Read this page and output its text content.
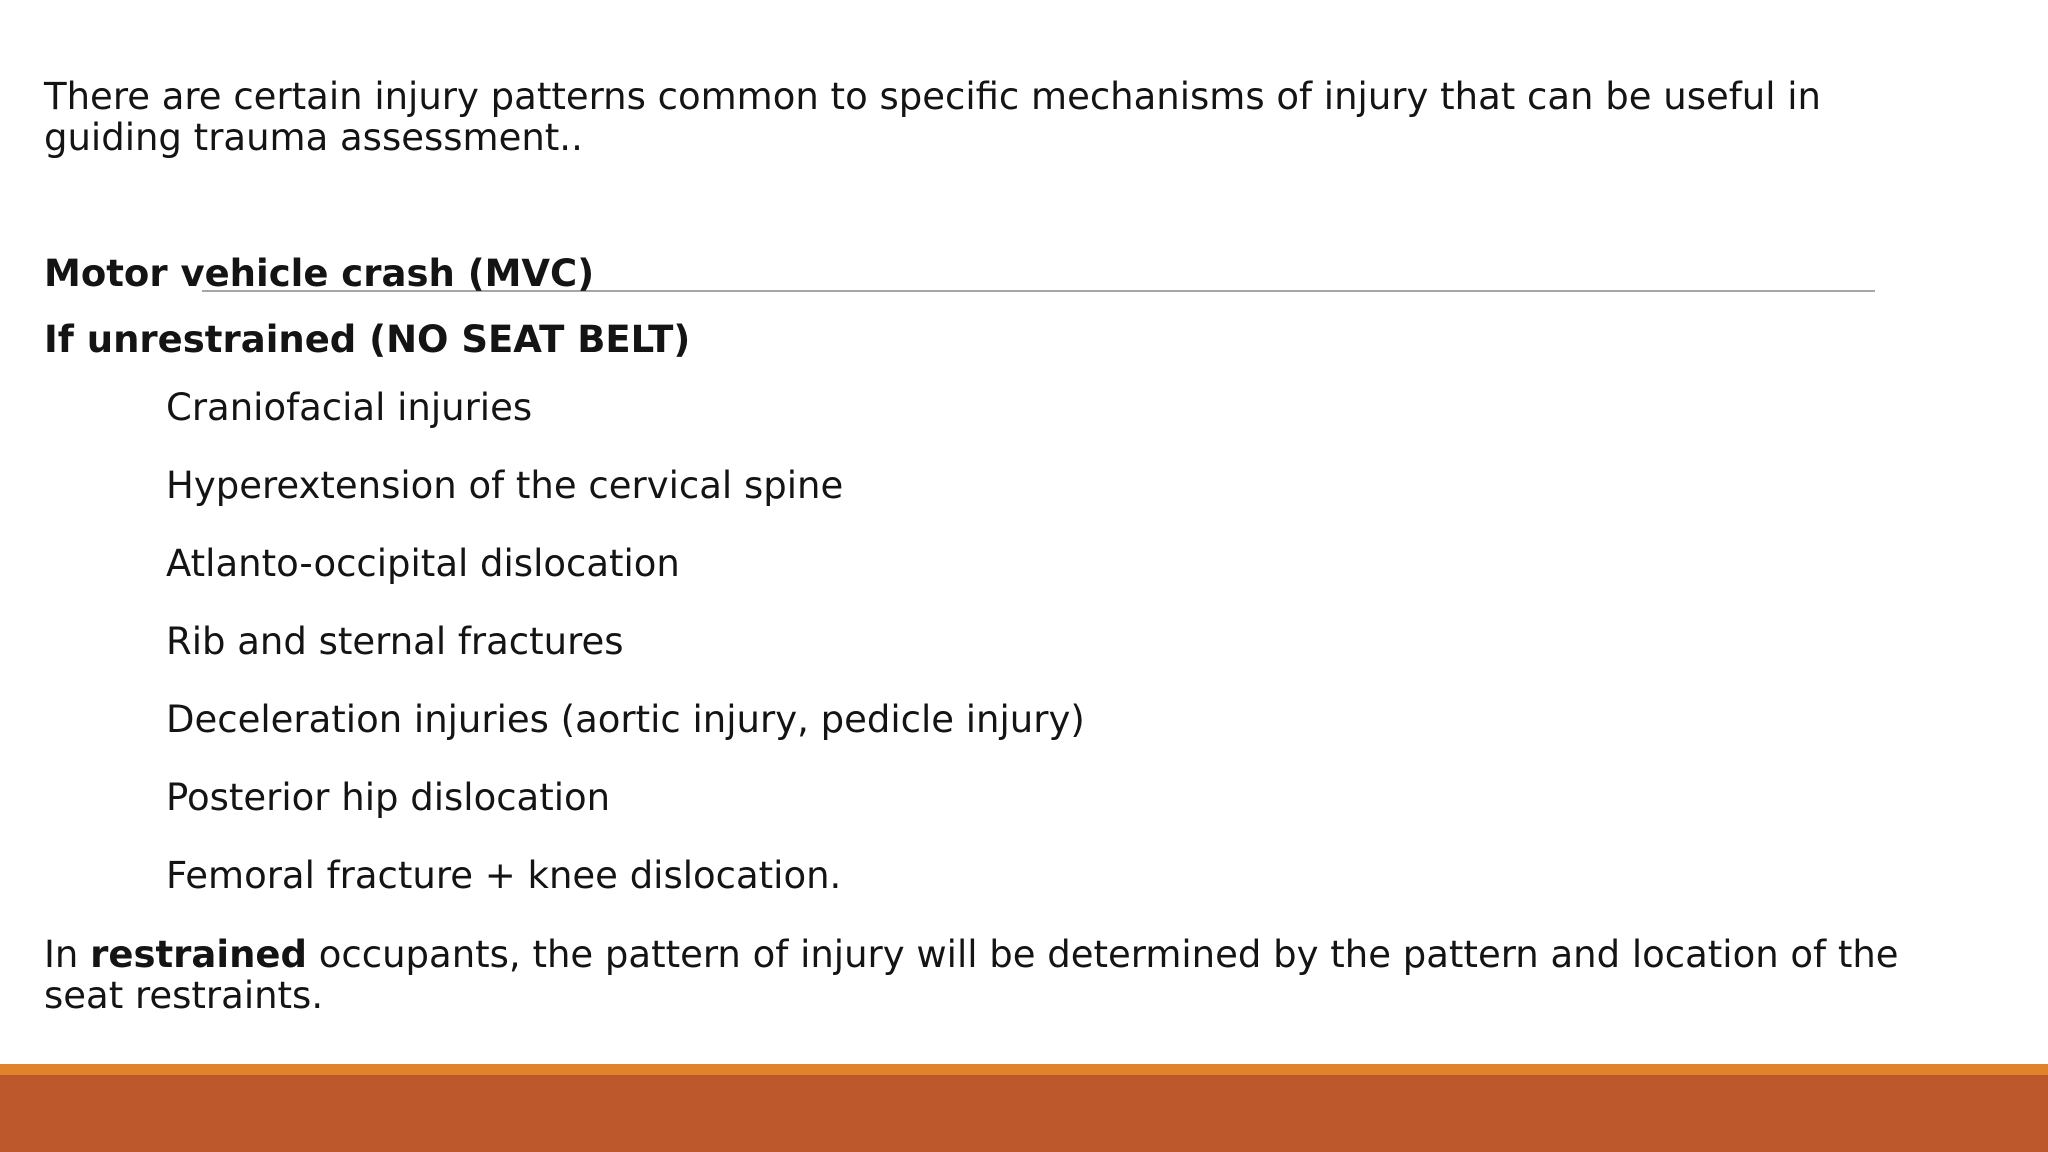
There are certain injury patterns common to specific mechanisms of injury that can be useful in guiding trauma assessment..

Motor vehicle crash (MVC)

If unrestrained (NO SEAT BELT)

Craniofacial injuries
Hyperextension of the cervical spine
Atlanto-occipital dislocation
Rib and sternal fractures
Deceleration injuries (aortic injury, pedicle injury)
Posterior hip dislocation
Femoral fracture + knee dislocation.

In restrained occupants, the pattern of injury will be determined by the pattern and location of the seat restraints.
